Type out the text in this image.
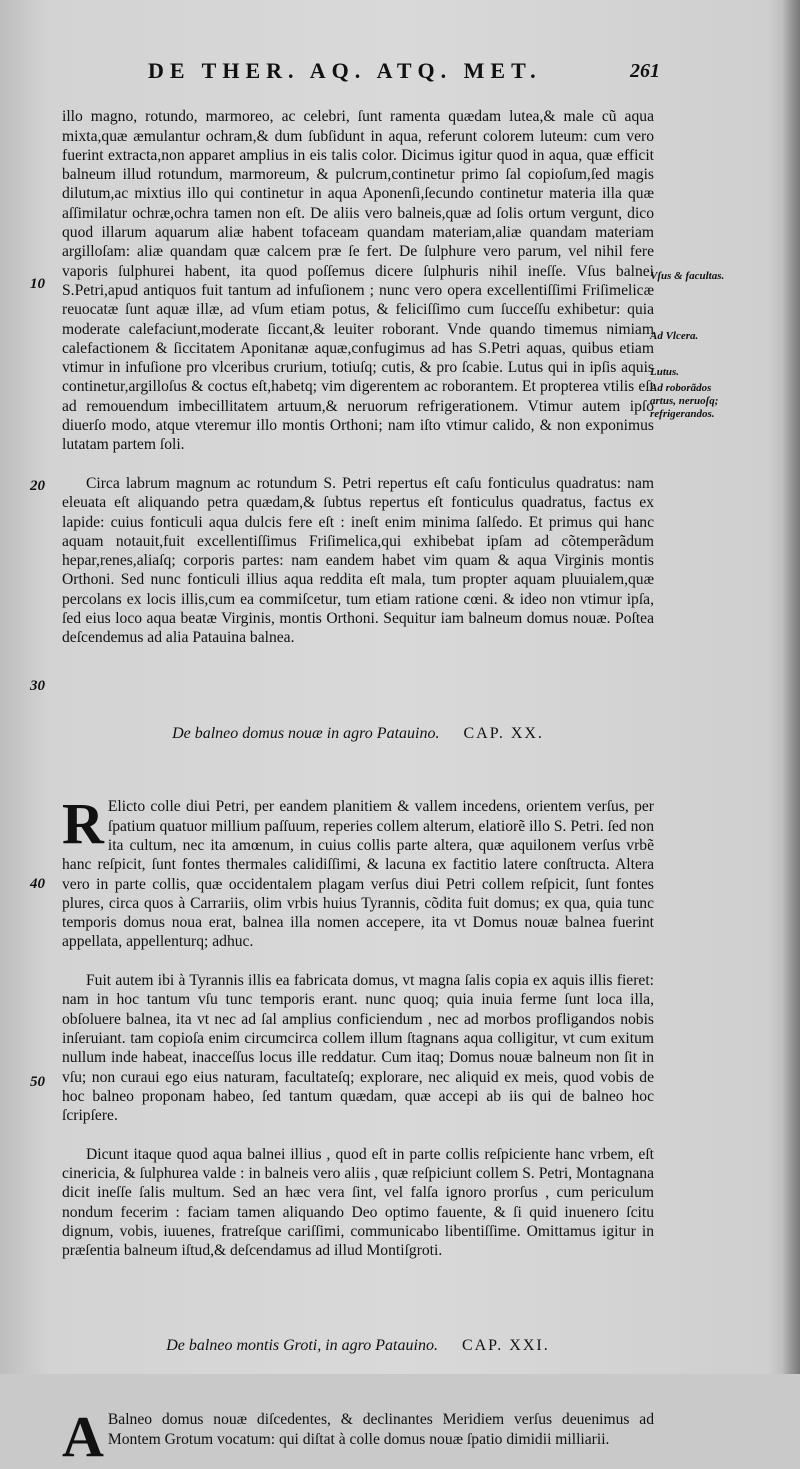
DE THER. AQ. ATQ. MET.	261
10
20
30
40
50
Vſus & facultas.
Ad Vlcera.
Lutus.
Ad roborãdos artus, neruoſq; refrigerandos.

illo magno, rotundo, marmoreo, ac celebri, ſunt ramenta quædam lutea,& male cũ aqua mixta,quæ æmulantur ochram,& dum ſubſidunt in aqua, referunt colorem luteum: cum vero fuerint extracta,non apparet amplius in eis talis color. Dicimus igitur quod in aqua, quæ efficit balneum illud rotundum, marmoreum, & pulcrum,continetur primo ſal copioſum,ſed magis dilutum,ac mixtius illo qui continetur in aqua Aponenſi,ſecundo continetur materia illa quæ aſſimilatur ochræ,ochra tamen non eſt. De aliis vero balneis,quæ ad ſolis ortum vergunt, dico quod illarum aquarum aliæ habent tofaceam quandam materiam,aliæ quandam materiam argilloſam: aliæ quandam quæ calcem præ ſe fert. De ſulphure vero parum, vel nihil fere vaporis ſulphurei habent, ita quod poſſemus dicere ſulphuris nihil ineſſe. Vſus balnei S.Petri,apud antiquos fuit tantum ad infuſionem ; nunc vero opera excellentiſſimi Friſimelicæ reuocatæ ſunt aquæ illæ, ad vſum etiam potus, & feliciſſimo cum ſucceſſu exhibetur: quia moderate calefaciunt,moderate ſiccant,& leuiter roborant. Vnde quando timemus nimiam calefactionem & ſiccitatem Aponitanæ aquæ,confugimus ad has S.Petri aquas, quibus etiam vtimur in infuſione pro vlceribus crurium, totiuſq; cutis, & pro ſcabie. Lutus qui in ipſis aquis continetur,argilloſus & coctus eſt,habetq; vim digerentem ac roborantem. Et propterea vtilis eſt ad remouendum imbecillitatem artuum,& neruorum refrigerationem. Vtimur autem ipſo diuerſo modo, atque vteremur illo montis Orthoni; nam iſto vtimur calido, & non exponimus lutatam partem ſoli.

Circa labrum magnum ac rotundum S. Petri repertus eſt caſu fonticulus quadratus: nam eleuata eſt aliquando petra quædam,& ſubtus repertus eſt fonticulus quadratus, factus ex lapide: cuius fonticuli aqua dulcis fere eſt : ineſt enim minima ſalſedo. Et primus qui hanc aquam notauit,fuit excellentiſſimus Friſimelica,qui exhibebat ipſam ad cõtemperãdum hepar,renes,aliaſq; corporis partes: nam eandem habet vim quam & aqua Virginis montis Orthoni. Sed nunc fonticuli illius aqua reddita eſt mala, tum propter aquam pluuialem,quæ percolans ex locis illis,cum ea commiſcetur, tum etiam ratione cœni. & ideo non vtimur ipſa, ſed eius loco aqua beatæ Virginis, montis Orthoni. Sequitur iam balneum domus nouæ. Poſtea deſcendemus ad alia Patauina balnea.

De balneo domus nouæ in agro Patauino. CAP. XX.

R Elicto colle diui Petri, per eandem planitiem & vallem incedens, orientem verſus, per ſpatium quatuor millium paſſuum, reperies collem alterum, elatiorẽ illo S. Petri. ſed non ita cultum, nec ita amœnum, in cuius collis parte altera, quæ aquilonem verſus vrbẽ hanc reſpicit, ſunt fontes thermales calidiſſimi, & lacuna ex factitio latere conſtructa. Altera vero in parte collis, quæ occidentalem plagam verſus diui Petri collem reſpicit, ſunt fontes plures, circa quos à Carrariis, olim vrbis huius Tyrannis, cõdita fuit domus; ex qua, quia tunc temporis domus noua erat, balnea illa nomen accepere, ita vt Domus nouæ balnea fuerint appellata, appellenturq; adhuc.

Fuit autem ibi à Tyrannis illis ea fabricata domus, vt magna ſalis copia ex aquis illis fieret: nam in hoc tantum vſu tunc temporis erant. nunc quoq; quia inuia ferme ſunt loca illa, obſoluere balnea, ita vt nec ad ſal amplius conficiendum , nec ad morbos profligandos nobis inſeruiant. tam copioſa enim circumcirca collem illum ſtagnans aqua colligitur, vt cum exitum nullum inde habeat, inacceſſus locus ille reddatur. Cum itaq; Domus nouæ balneum non ſit in vſu; non curaui ego eius naturam, facultateſq; explorare, nec aliquid ex meis, quod vobis de hoc balneo proponam habeo, ſed tantum quædam, quæ accepi ab iis qui de balneo hoc ſcripſere.

Dicunt itaque quod aqua balnei illius , quod eſt in parte collis reſpiciente hanc vrbem, eſt cinericia, & ſulphurea valde : in balneis vero aliis , quæ reſpiciunt collem S. Petri, Montagnana dicit ineſſe ſalis multum. Sed an hæc vera ſint, vel falſa ignoro prorſus , cum periculum nondum fecerim : faciam tamen aliquando Deo optimo fauente, & ſi quid inuenero ſcitu dignum, vobis, iuuenes, fratreſque cariſſimi, communicabo libentiſſime. Omittamus igitur in præſentia balneum iſtud,& deſcendamus ad illud Montiſgroti.

De balneo montis Groti, in agro Patauino. CAP. XXI.

A Balneo domus nouæ diſcedentes, & declinantes Meridiem verſus deuenimus ad Montem Grotum vocatum: qui diſtat à colle domus nouæ ſpatio dimidii milliarii.
